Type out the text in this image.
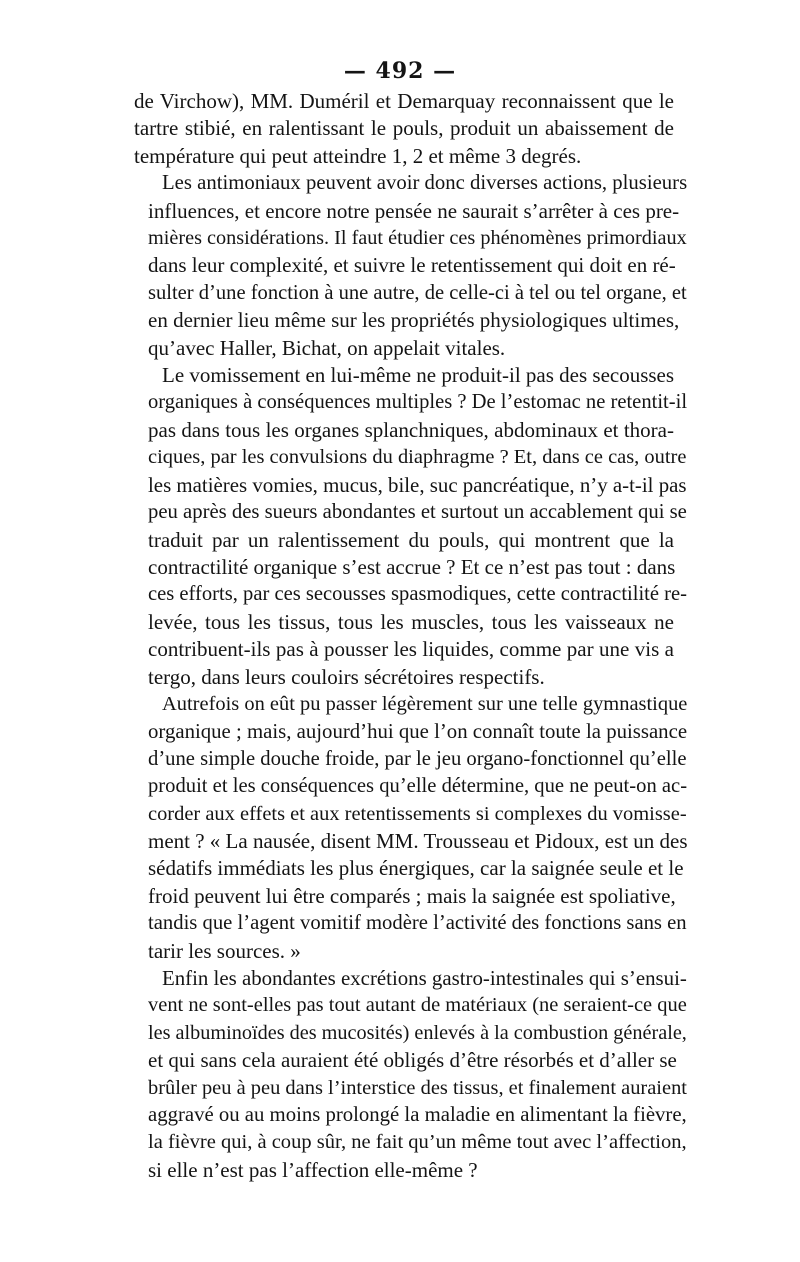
— 492 —

de Virchow), MM. Duméril et Demarquay reconnaissent que le
tartre stibié, en ralentissant le pouls, produit un abaissement de
température qui peut atteindre 1, 2 et même 3 degrés.

Les antimoniaux peuvent avoir donc diverses actions, plusieurs
influences, et encore notre pensée ne saurait s’arrêter à ces pre-
mières considérations. Il faut étudier ces phénomènes primordiaux
dans leur complexité, et suivre le retentissement qui doit en ré-
sulter d’une fonction à une autre, de celle-ci à tel ou tel organe, et
en dernier lieu même sur les propriétés physiologiques ultimes,
qu’avec Haller, Bichat, on appelait vitales.

Le vomissement en lui-même ne produit-il pas des secousses
organiques à conséquences multiples ? De l’estomac ne retentit-il
pas dans tous les organes splanchniques, abdominaux et thora-
ciques, par les convulsions du diaphragme ? Et, dans ce cas, outre
les matières vomies, mucus, bile, suc pancréatique, n’y a-t-il pas
peu après des sueurs abondantes et surtout un accablement qui se
traduit par un ralentissement du pouls, qui montrent que la
contractilité organique s’est accrue ? Et ce n’est pas tout : dans
ces efforts, par ces secousses spasmodiques, cette contractilité re-
levée, tous les tissus, tous les muscles, tous les vaisseaux ne
contribuent-ils pas à pousser les liquides, comme par une vis a
tergo, dans leurs couloirs sécrétoires respectifs.

Autrefois on eût pu passer légèrement sur une telle gymnastique
organique ; mais, aujourd’hui que l’on connaît toute la puissance
d’une simple douche froide, par le jeu organo-fonctionnel qu’elle
produit et les conséquences qu’elle détermine, que ne peut-on ac-
corder aux effets et aux retentissements si complexes du vomisse-
ment ? « La nausée, disent MM. Trousseau et Pidoux, est un des
sédatifs immédiats les plus énergiques, car la saignée seule et le
froid peuvent lui être comparés ; mais la saignée est spoliative,
tandis que l’agent vomitif modère l’activité des fonctions sans en
tarir les sources. »

Enfin les abondantes excrétions gastro-intestinales qui s’ensui-
vent ne sont-elles pas tout autant de matériaux (ne seraient-ce que
les albuminoïdes des mucosités) enlevés à la combustion générale,
et qui sans cela auraient été obligés d’être résorbés et d’aller se
brûler peu à peu dans l’interstice des tissus, et finalement auraient
aggravé ou au moins prolongé la maladie en alimentant la fièvre,
la fièvre qui, à coup sûr, ne fait qu’un même tout avec l’affection,
si elle n’est pas l’affection elle-même ?
